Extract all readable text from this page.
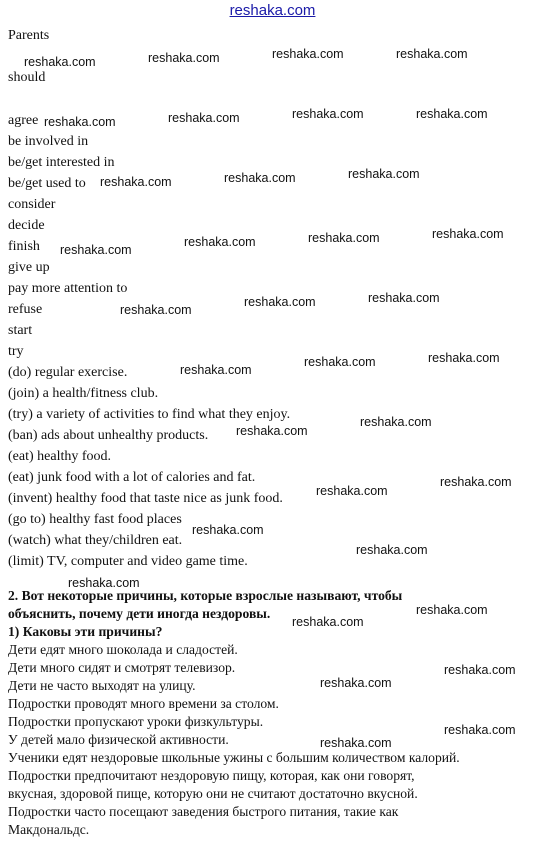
reshaka.com
Parents
should
agree
be involved in
be/get interested in
be/get used to
consider
decide
finish
give up
pay more attention to
refuse
start
try
(do) regular exercise.
(join) a health/fitness club.
(try) a variety of activities to find what they enjoy.
(ban) ads about unhealthy products.
(eat) healthy food.
(eat) junk food with a lot of calories and fat.
(invent) healthy food that taste nice as junk food.
(go to) healthy fast food places
(watch) what they/children eat.
(limit) TV, computer and video game time.
2. Вот некоторые причины, которые взрослые называют, чтобы
объяснить, почему дети иногда нездоровы.
1) Каковы эти причины?
Дети едят много шоколада и сладостей.
Дети много сидят и смотрят телевизор.
Дети не часто выходят на улицу.
Подростки проводят много времени за столом.
Подростки пропускают уроки физкультуры.
У детей мало физической активности.
Ученики едят нездоровые школьные ужины с большим количеством калорий.
Подростки предпочитают нездоровую пищу, которая, как они говорят,
вкусная, здоровой пище, которую они не считают достаточно вкусной.
Подростки часто посещают заведения быстрого питания, такие как
Макдональдс.
reshaka.com	reshaka.com	reshaka.com	reshaka.com
reshaka.com	reshaka.com	reshaka.com	reshaka.com
reshaka.com	reshaka.com	reshaka.com
reshaka.com
reshaka.com	reshaka.com	reshaka.com
reshaka.com
reshaka.com	reshaka.com
reshaka.com
reshaka.com	reshaka.com
reshaka.com
reshaka.com
reshaka.com
reshaka.com
reshaka.com
reshaka.com
reshaka.com
reshaka.com
reshaka.com
reshaka.com
reshaka.com
reshaka.com
reshaka.com
